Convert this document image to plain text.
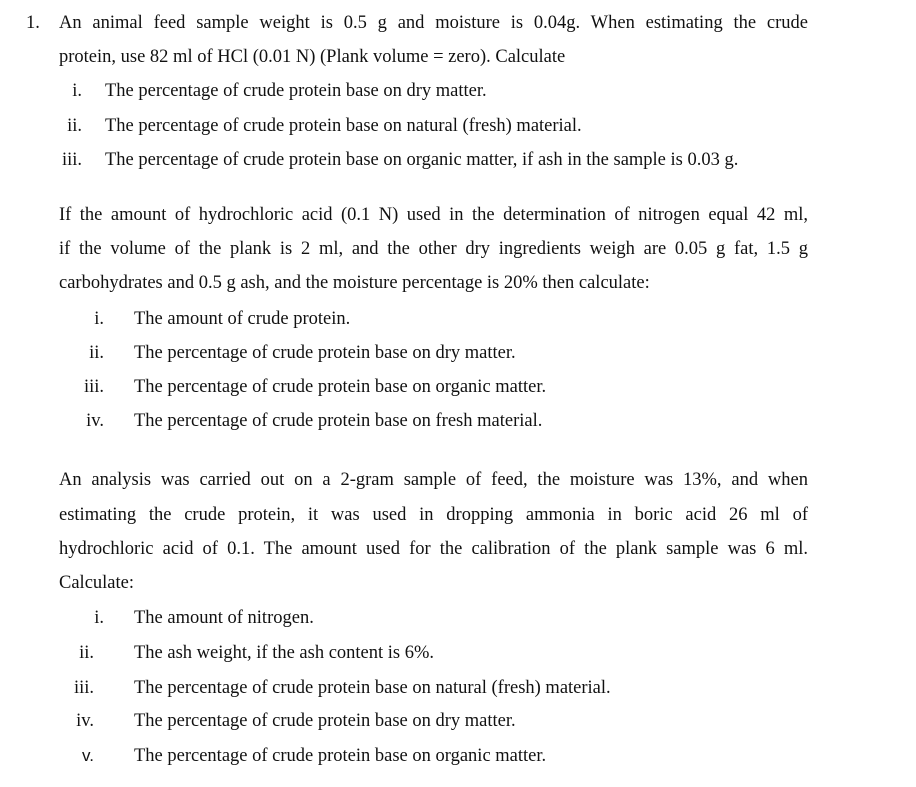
1. An animal feed sample weight is 0.5 g and moisture is 0.04g. When estimating the crude
protein, use 82 ml of HCl (0.01 N) (Plank volume = zero). Calculate
i. The percentage of crude protein base on dry matter.
ii. The percentage of crude protein base on natural (fresh) material.
iii. The percentage of crude protein base on organic matter, if ash in the sample is 0.03 g.
If the amount of hydrochloric acid (0.1 N) used in the determination of nitrogen equal 42 ml,
if the volume of the plank is 2 ml, and the other dry ingredients weigh are 0.05 g fat, 1.5 g
carbohydrates and 0.5 g ash, and the moisture percentage is 20% then calculate:
i. The amount of crude protein.
ii. The percentage of crude protein base on dry matter.
iii. The percentage of crude protein base on organic matter.
iv. The percentage of crude protein base on fresh material.
An analysis was carried out on a 2-gram sample of feed, the moisture was 13%, and when
estimating the crude protein, it was used in dropping ammonia in boric acid 26 ml of
hydrochloric acid of 0.1. The amount used for the calibration of the plank sample was 6 ml.
Calculate:
i. The amount of nitrogen.
ii. The ash weight, if the ash content is 6%.
iii. The percentage of crude protein base on natural (fresh) material.
iv. The percentage of crude protein base on dry matter.
v. The percentage of crude protein base on organic matter.
